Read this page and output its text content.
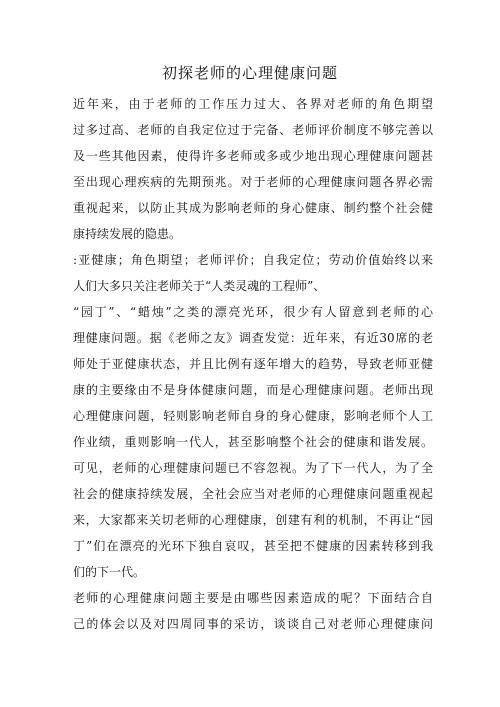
初探老师的心理健康问题
近年来，由于老师的工作压力过大、各界对老师的角色期望
过多过高、老师的自我定位过于完备、老师评价制度不够完善以
及一些其他因素，使得许多老师或多或少地出现心理健康问题甚
至出现心理疾病的先期预兆。对于老师的心理健康问题各界必需
重视起来，以防止其成为影响老师的身心健康、制约整个社会健
康持续发展的隐患。
:亚健康；角色期望；老师评价；自我定位；劳动价值始终以来
人们大多只关注老师关于“人类灵魂的工程师”、
“园丁”、“蜡烛”之类的漂亮光环，很少有人留意到老师的心
理健康问题。据《老师之友》调查发觉：近年来，有近30席的老
师处于亚健康状态，并且比例有逐年增大的趋势，导致老师亚健
康的主要缘由不是身体健康问题，而是心理健康问题。老师出现
心理健康问题，轻则影响老师自身的身心健康，影响老师个人工
作业绩，重则影响一代人，甚至影响整个社会的健康和谐发展。
可见，老师的心理健康问题已不容忽视。为了下一代人，为了全
社会的健康持续发展，全社会应当对老师的心理健康问题重视起
来，大家都来关切老师的心理健康，创建有利的机制，不再让“园
丁”们在漂亮的光环下独自哀叹，甚至把不健康的因素转移到我
们的下一代。
老师的心理健康问题主要是由哪些因素造成的呢？下面结合自
己的体会以及对四周同事的采访，谈谈自己对老师心理健康问
